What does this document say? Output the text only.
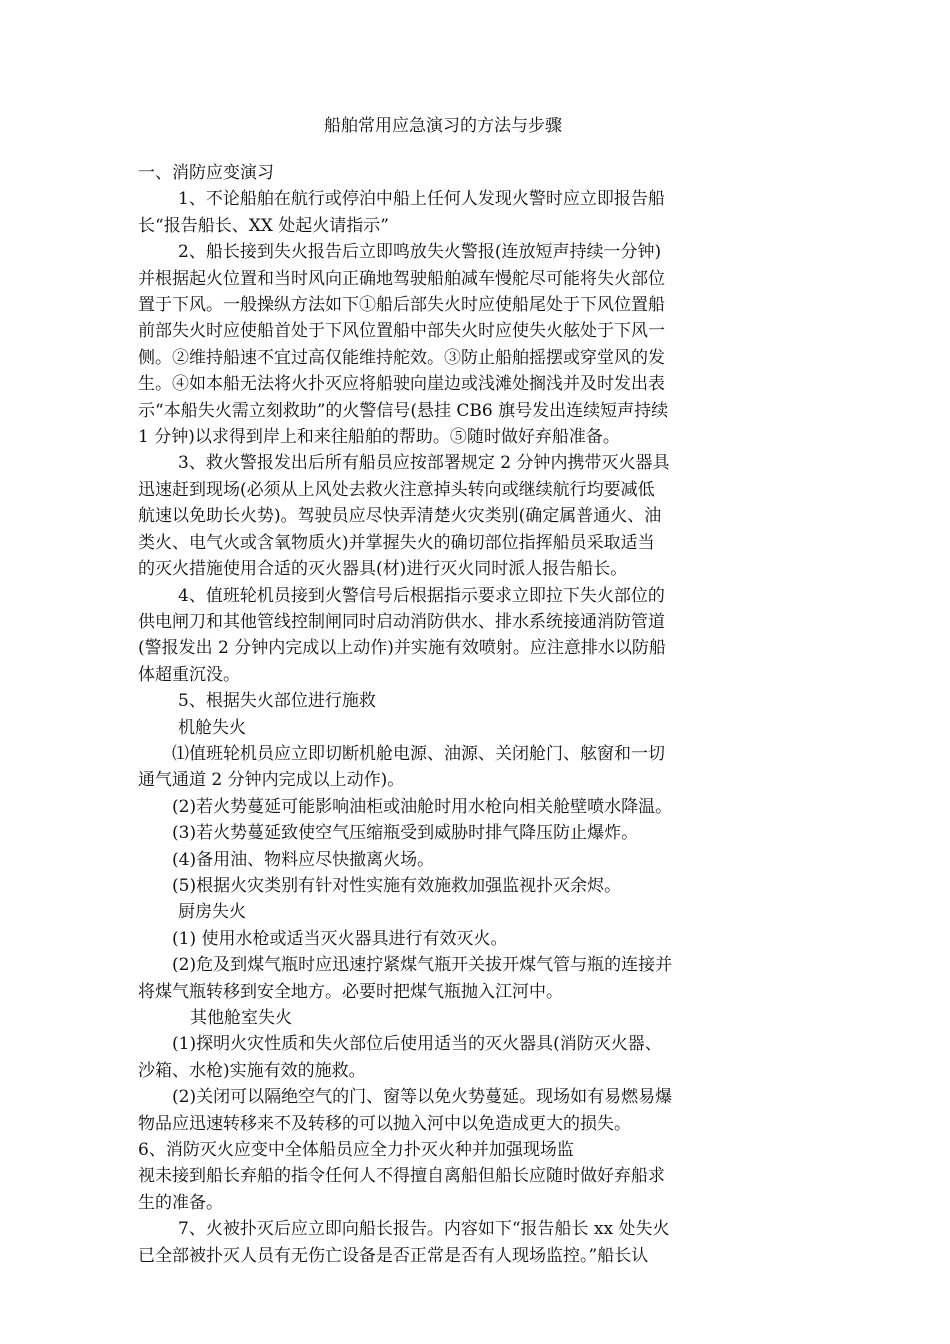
船舶常用应急演习的方法与步骤
一、消防应变演习
1、不论船舶在航行或停泊中船上任何人发现火警时应立即报告船
长“报告船长、XX 处起火请指示”
2、船长接到失火报告后立即鸣放失火警报(连放短声持续一分钟)
并根据起火位置和当时风向正确地驾驶船舶减车慢舵尽可能将失火部位
置于下风。一般操纵方法如下①船后部失火时应使船尾处于下风位置船
前部失火时应使船首处于下风位置船中部失火时应使失火舷处于下风一
侧。②维持船速不宜过高仅能维持舵效。③防止船舶摇摆或穿堂风的发
生。④如本船无法将火扑灭应将船驶向崖边或浅滩处搁浅并及时发出表
示“本船失火需立刻救助”的火警信号(悬挂 CB6 旗号发出连续短声持续
1 分钟)以求得到岸上和来往船舶的帮助。⑤随时做好弃船准备。
3、救火警报发出后所有船员应按部署规定 2 分钟内携带灭火器具
迅速赶到现场(必须从上风处去救火注意掉头转向或继续航行均要减低
航速以免助长火势)。驾驶员应尽快弄清楚火灾类别(确定属普通火、油
类火、电气火或含氧物质火)并掌握失火的确切部位指挥船员采取适当
的灭火措施使用合适的灭火器具(材)进行灭火同时派人报告船长。
4、值班轮机员接到火警信号后根据指示要求立即拉下失火部位的
供电闸刀和其他管线控制闸同时启动消防供水、排水系统接通消防管道
(警报发出 2 分钟内完成以上动作)并实施有效喷射。应注意排水以防船
体超重沉没。
5、根据失火部位进行施救
机舱失火
⑴值班轮机员应立即切断机舱电源、油源、关闭舱门、舷窗和一切
通气通道 2 分钟内完成以上动作)。
(2)若火势蔓延可能影响油柜或油舱时用水枪向相关舱壁喷水降温。
(3)若火势蔓延致使空气压缩瓶受到威胁时排气降压防止爆炸。
(4)备用油、物料应尽快撤离火场。
(5)根据火灾类别有针对性实施有效施救加强监视扑灭余烬。
厨房失火
(1) 使用水枪或适当灭火器具进行有效灭火。
(2)危及到煤气瓶时应迅速拧紧煤气瓶开关拔开煤气管与瓶的连接并
将煤气瓶转移到安全地方。必要时把煤气瓶抛入江河中。
其他舱室失火
(1)探明火灾性质和失火部位后使用适当的灭火器具(消防灭火器、
沙箱、水枪)实施有效的施救。
(2)关闭可以隔绝空气的门、窗等以免火势蔓延。现场如有易燃易爆
物品应迅速转移来不及转移的可以抛入河中以免造成更大的损失。
6、消防灭火应变中全体船员应全力扑灭火种并加强现场监
视未接到船长弃船的指令任何人不得擅自离船但船长应随时做好弃船求
生的准备。
7、火被扑灭后应立即向船长报告。内容如下“报告船长 xx 处失火
已全部被扑灭人员有无伤亡设备是否正常是否有人现场监控。”船长认
